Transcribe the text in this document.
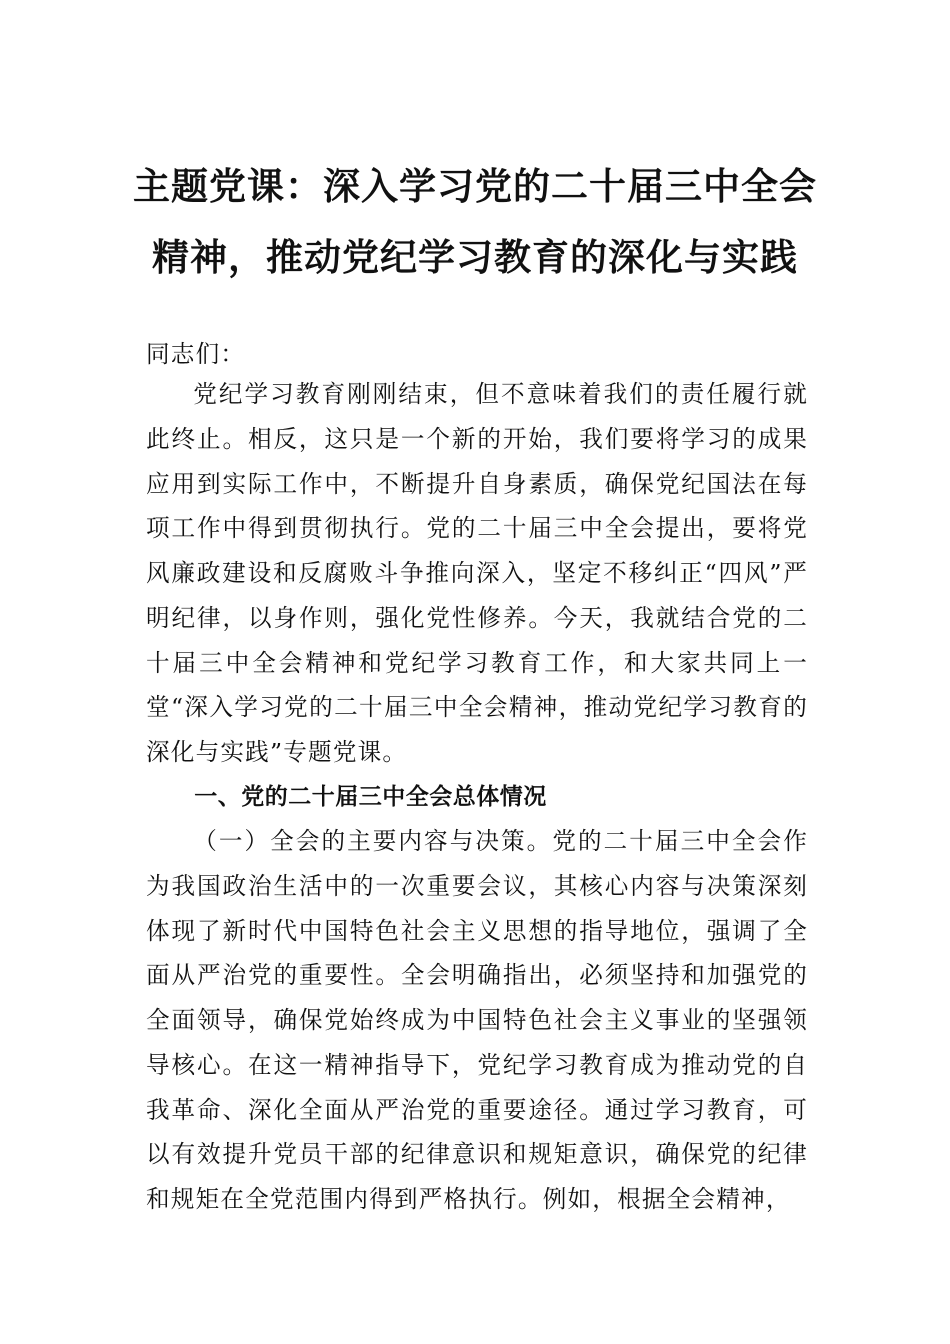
主题党课：深入学习党的二十届三中全会
精神，推动党纪学习教育的深化与实践

同志们：

党纪学习教育刚刚结束，但不意味着我们的责任履行就此终止。相反，这只是一个新的开始，我们要将学习的成果应用到实际工作中，不断提升自身素质，确保党纪国法在每项工作中得到贯彻执行。党的二十届三中全会提出，要将党风廉政建设和反腐败斗争推向深入，坚定不移纠正“四风”严明纪律，以身作则，强化党性修养。今天，我就结合党的二十届三中全会精神和党纪学习教育工作，和大家共同上一堂“深入学习党的二十届三中全会精神，推动党纪学习教育的深化与实践”专题党课。

一、党的二十届三中全会总体情况

（一）全会的主要内容与决策。党的二十届三中全会作为我国政治生活中的一次重要会议，其核心内容与决策深刻体现了新时代中国特色社会主义思想的指导地位，强调了全面从严治党的重要性。全会明确指出，必须坚持和加强党的全面领导，确保党始终成为中国特色社会主义事业的坚强领导核心。在这一精神指导下，党纪学习教育成为推动党的自我革命、深化全面从严治党的重要途径。通过学习教育，可以有效提升党员干部的纪律意识和规矩意识，确保党的纪律和规矩在全党范围内得到严格执行。例如，根据全会精神，
